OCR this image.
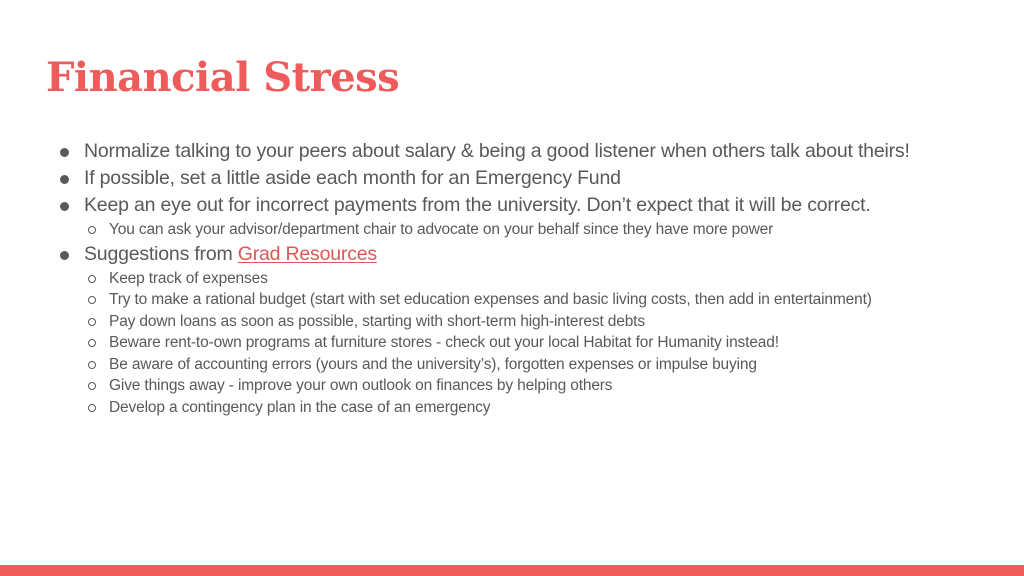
Financial Stress
Normalize talking to your peers about salary & being a good listener when others talk about theirs!
If possible, set a little aside each month for an Emergency Fund
Keep an eye out for incorrect payments from the university. Don’t expect that it will be correct.
You can ask your advisor/department chair to advocate on your behalf since they have more power
Suggestions from Grad Resources
Keep track of expenses
Try to make a rational budget (start with set education expenses and basic living costs, then add in entertainment)
Pay down loans as soon as possible, starting with short-term high-interest debts
Beware rent-to-own programs at furniture stores - check out your local Habitat for Humanity instead!
Be aware of accounting errors (yours and the university’s), forgotten expenses or impulse buying
Give things away - improve your own outlook on finances by helping others
Develop a contingency plan in the case of an emergency
